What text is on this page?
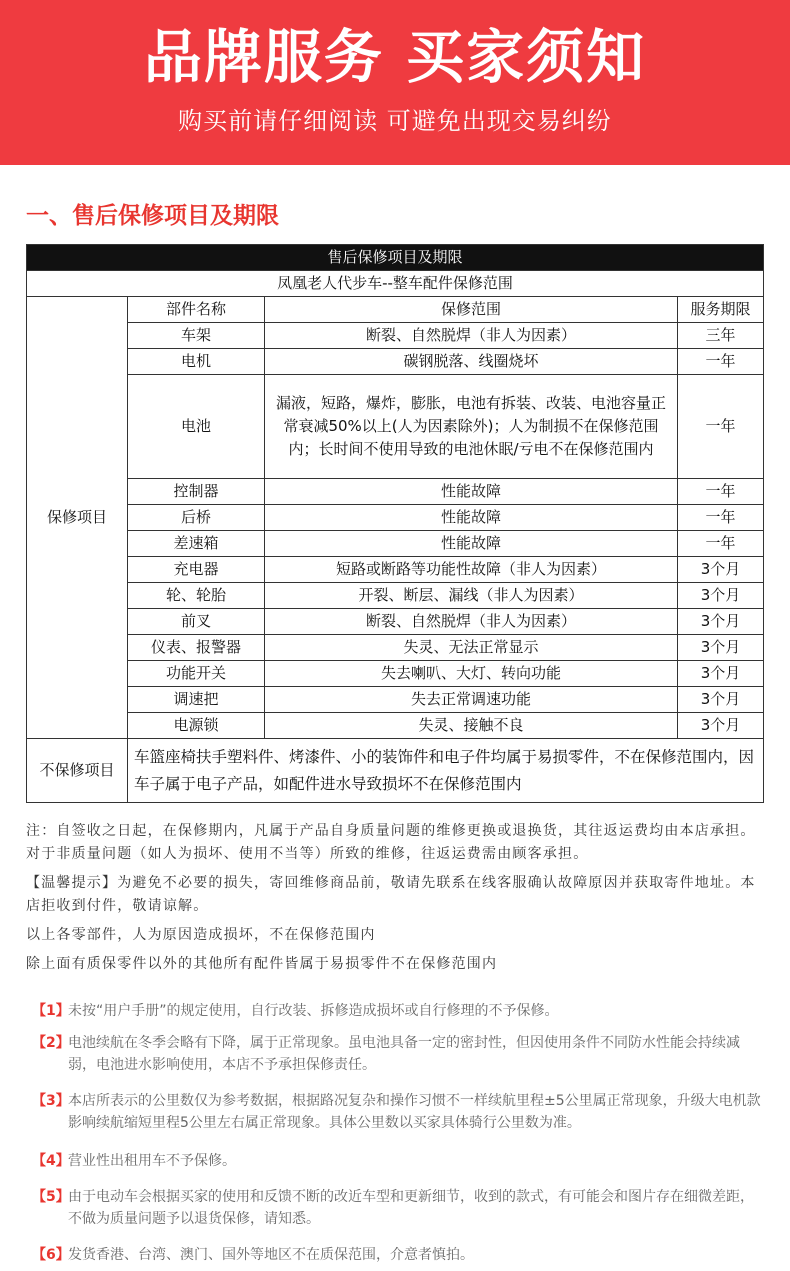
品牌服务 买家须知
购买前请仔细阅读 可避免出现交易纠纷
一、售后保修项目及期限
售后保修项目及期限			
凤凰老人代步车--整车配件保修范围			
保修项目	部件名称	保修范围	服务期限
	车架	断裂、自然脱焊（非人为因素）	三年
	电机	碳钢脱落、线圈烧坏	一年
	电池	漏液，短路，爆炸，膨胀，电池有拆装、改装、电池容量正常衰减50%以上(人为因素除外)；人为制损不在保修范围内；长时间不使用导致的电池休眠/亏电不在保修范围内	一年
	控制器	性能故障	一年
	后桥	性能故障	一年
	差速箱	性能故障	一年
	充电器	短路或断路等功能性故障（非人为因素）	3个月
	轮、轮胎	开裂、断层、漏线（非人为因素）	3个月
	前叉	断裂、自然脱焊（非人为因素）	3个月
	仪表、报警器	失灵、无法正常显示	3个月
	功能开关	失去喇叭、大灯、转向功能	3个月
	调速把	失去正常调速功能	3个月
	电源锁	失灵、接触不良	3个月
不保修项目	车篮座椅扶手塑料件、烤漆件、小的装饰件和电子件均属于易损零件，不在保修范围内，因车子属于电子产品，如配件进水导致损坏不在保修范围内		

注：自签收之日起，在保修期内，凡属于产品自身质量问题的维修更换或退换货，其往返运费均由本店承担。对于非质量问题（如人为损坏、使用不当等）所致的维修，往返运费需由顾客承担。

【温馨提示】为避免不必要的损失，寄回维修商品前，敬请先联系在线客服确认故障原因并获取寄件地址。本店拒收到付件，敬请谅解。

以上各零部件，人为原因造成损坏，不在保修范围内

除上面有质保零件以外的其他所有配件皆属于易损零件不在保修范围内

【1】
未按“用户手册”的规定使用，自行改装、拆修造成损坏或自行修理的不予保修。
【2】
电池续航在冬季会略有下降，属于正常现象。虽电池具备一定的密封性，但因使用条件不同防水性能会持续减弱，电池进水影响使用，本店不予承担保修责任。
【3】
本店所表示的公里数仅为参考数据，根据路况复杂和操作习惯不一样续航里程±5公里属正常现象，升级大电机款影响续航缩短里程5公里左右属正常现象。具体公里数以买家具体骑行公里数为准。
【4】
营业性出租用车不予保修。
【5】
由于电动车会根据买家的使用和反馈不断的改近车型和更新细节，收到的款式，有可能会和图片存在细微差距，不做为质量问题予以退货保修，请知悉。
【6】
发货香港、台湾、澳门、国外等地区不在质保范围，介意者慎拍。
